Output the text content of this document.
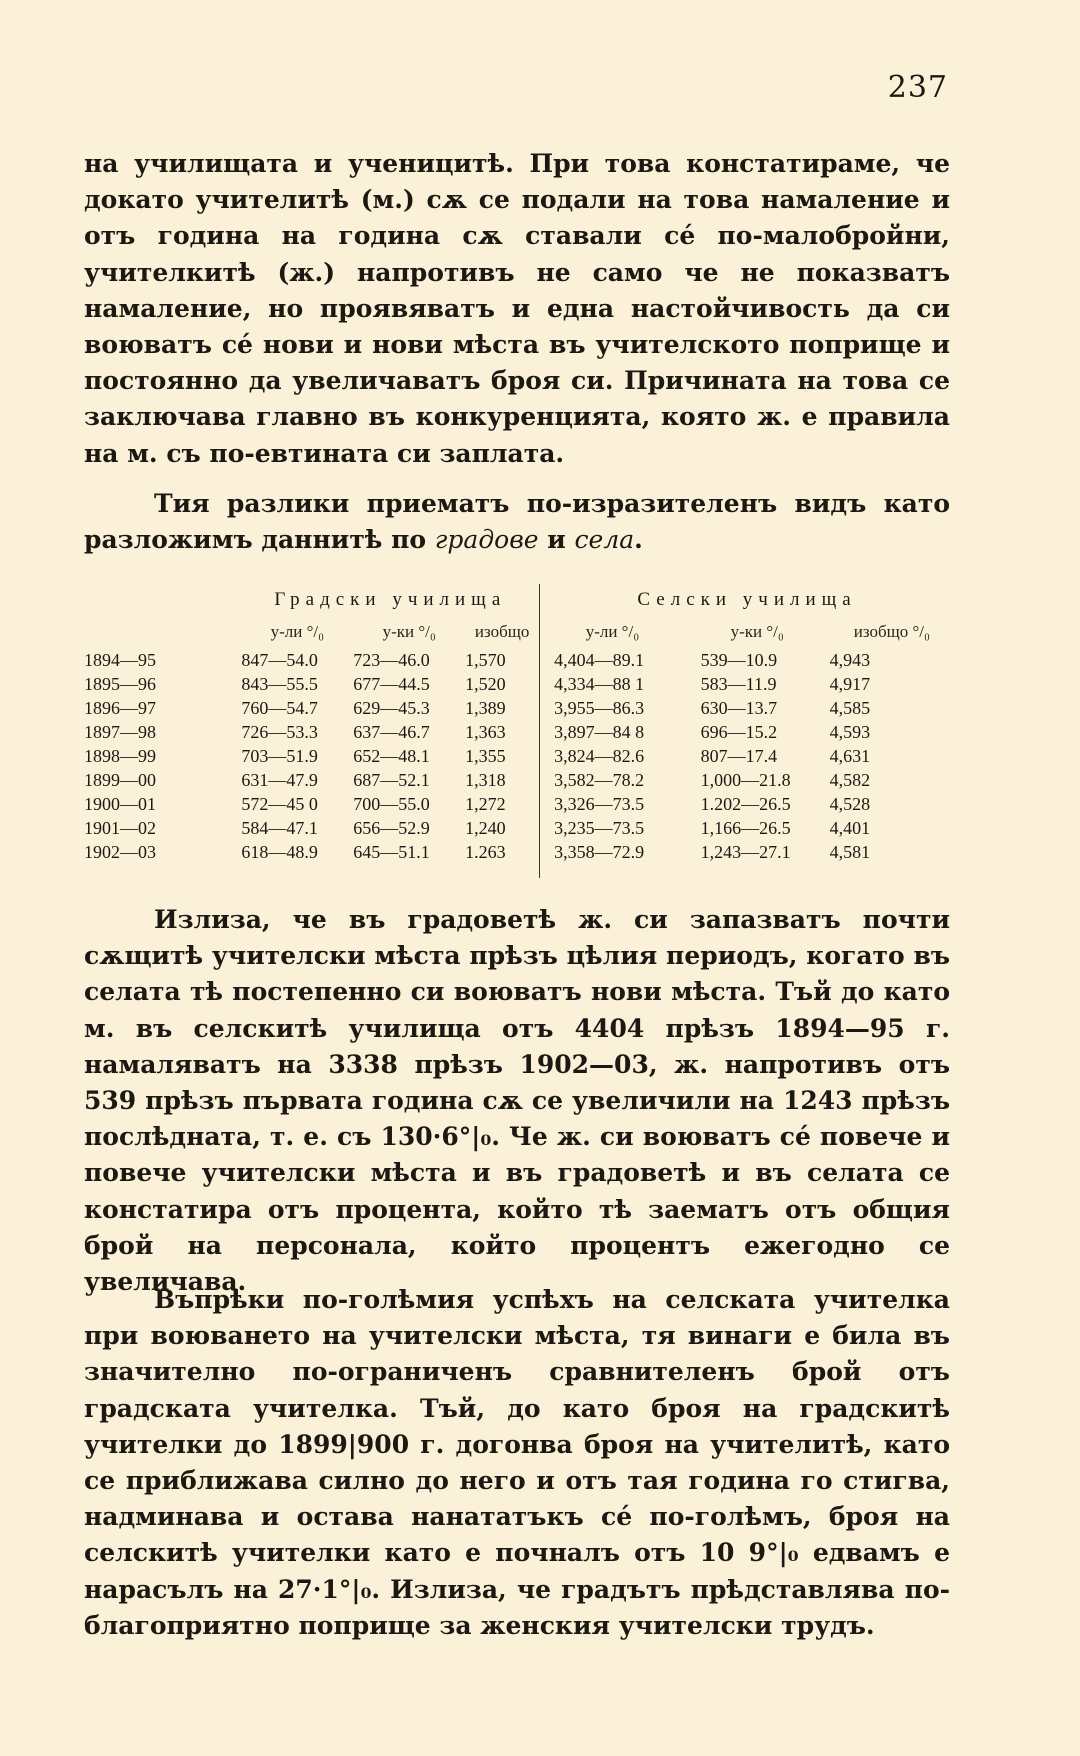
237

на училищата и ученицитѣ. При това констатираме, че докато учителитѣ (м.) сѫ се подали на това намаление и отъ година на година сѫ ставали сé по-малобройни, учителкитѣ (ж.) напротивъ не само че не показватъ намаление, но проявяватъ и една настойчивость да си воюватъ сé нови и нови мѣста въ учителското поприще и постоянно да увеличаватъ броя си. Причината на това се заключава главно въ конкуренцията, която ж. е правила на м. съ по-евтината си заплата.

Тия разлики приематъ по-изразителенъ видъ като разложимъ даннитѣ по градове и села.

	Градски училища			Селски училища		
	у-ли °/₀	у-ки °/₀	изобщо	у-ли °/₀	у-ки °/₀	изобщо °/₀
1894—95	847—54.0	723—46.0	1,570	4,404—89.1	539—10.9	4,943
1895—96	843—55.5	677—44.5	1,520	4,334—88 1	583—11.9	4,917
1896—97	760—54.7	629—45.3	1,389	3,955—86.3	630—13.7	4,585
1897—98	726—53.3	637—46.7	1,363	3,897—84 8	696—15.2	4,593
1898—99	703—51.9	652—48.1	1,355	3,824—82.6	807—17.4	4,631
1899—00	631—47.9	687—52.1	1,318	3,582—78.2	1,000—21.8	4,582
1900—01	572—45 0	700—55.0	1,272	3,326—73.5	1.202—26.5	4,528
1901—02	584—47.1	656—52.9	1,240	3,235—73.5	1,166—26.5	4,401
1902—03	618—48.9	645—51.1	1.263	3,358—72.9	1,243—27.1	4,581

Излиза, че въ градоветѣ ж. си запазватъ почти сѫщитѣ учителски мѣста прѣзъ цѣлия периодъ, когато въ селата тѣ постепенно си воюватъ нови мѣста. Тъй до като м. въ селскитѣ училища отъ 4404 прѣзъ 1894—95 г. намаляватъ на 3338 прѣзъ 1902—03, ж. напротивъ отъ 539 прѣзъ първата година сѫ се увеличили на 1243 прѣзъ послѣдната, т. е. съ 130·6°|₀. Че ж. си воюватъ сé повече и повече учителски мѣста и въ градоветѣ и въ селата се констатира отъ процента, който тѣ заематъ отъ общия брой на персонала, който процентъ ежегодно се увеличава.

Въпрѣки по-голѣмия успѣхъ на селската учителка при воюването на учителски мѣста, тя винаги е била въ значително по-ограниченъ сравнителенъ брой отъ градската учителка. Тъй, до като броя на градскитѣ учителки до 1899|900 г. догонва броя на учителитѣ, като се приближава силно до него и отъ тая година го стигва, надминава и остава нанататъкъ сé по-голѣмъ, броя на селскитѣ учителки като е почналъ отъ 10 9°|₀ едвамъ е нарасълъ на 27·1°|₀. Излиза, че градътъ прѣдставлява по-благоприятно поприще за женския учителски трудъ.
